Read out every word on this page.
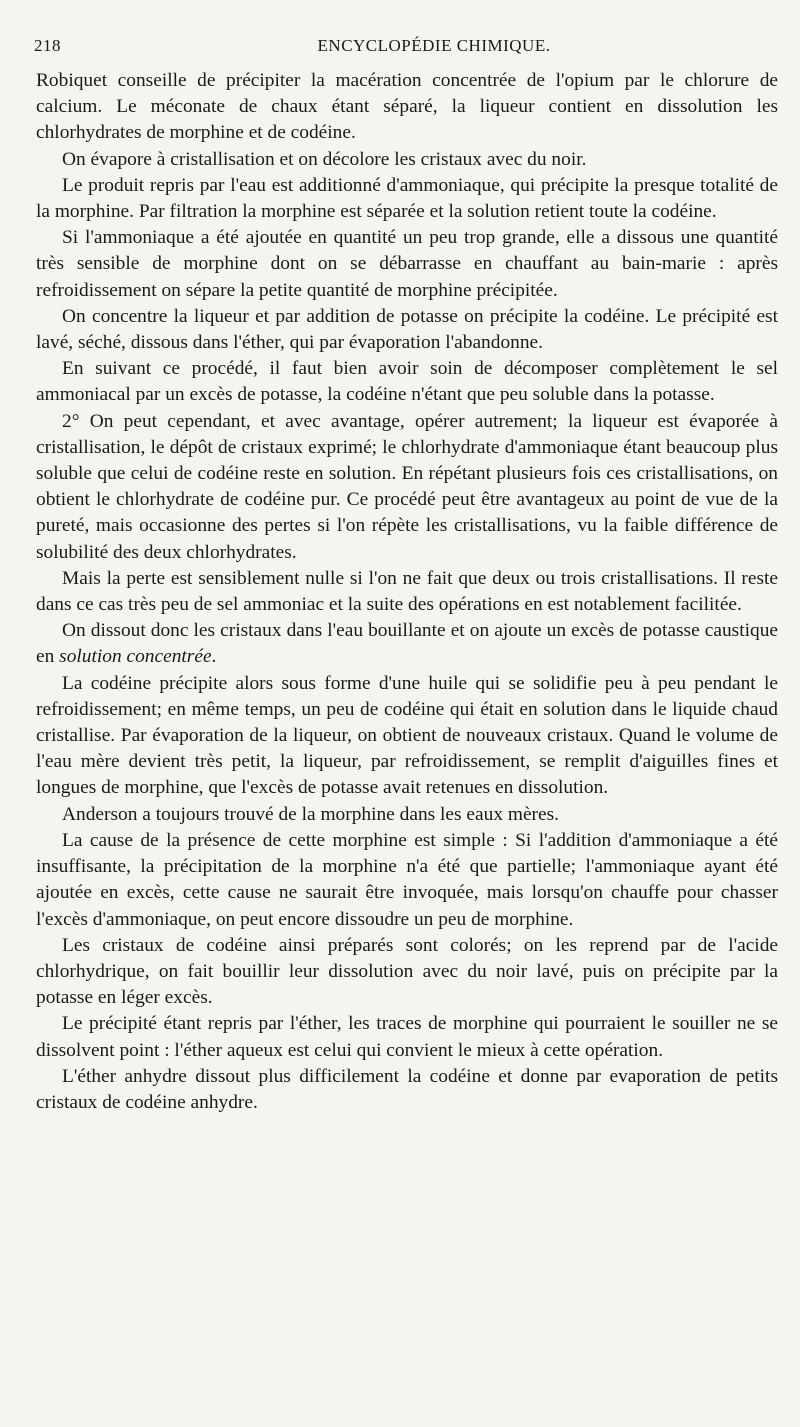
218	ENCYCLOPÉDIE CHIMIQUE.

Robiquet conseille de précipiter la macération concentrée de l'opium par le chlorure de calcium. Le méconate de chaux étant séparé, la liqueur contient en dissolution les chlorhydrates de morphine et de codéine.

On évapore à cristallisation et on décolore les cristaux avec du noir.

Le produit repris par l'eau est additionné d'ammoniaque, qui précipite la presque totalité de la morphine. Par filtration la morphine est séparée et la solution retient toute la codéine.

Si l'ammoniaque a été ajoutée en quantité un peu trop grande, elle a dissous une quantité très sensible de morphine dont on se débarrasse en chauffant au bain-marie : après refroidissement on sépare la petite quantité de morphine précipitée.

On concentre la liqueur et par addition de potasse on précipite la codéine. Le précipité est lavé, séché, dissous dans l'éther, qui par évaporation l'abandonne.

En suivant ce procédé, il faut bien avoir soin de décomposer complètement le sel ammoniacal par un excès de potasse, la codéine n'étant que peu soluble dans la potasse.

2° On peut cependant, et avec avantage, opérer autrement; la liqueur est évaporée à cristallisation, le dépôt de cristaux exprimé; le chlorhydrate d'ammoniaque étant beaucoup plus soluble que celui de codéine reste en solution. En répétant plusieurs fois ces cristallisations, on obtient le chlorhydrate de codéine pur. Ce procédé peut être avantageux au point de vue de la pureté, mais occasionne des pertes si l'on répète les cristallisations, vu la faible différence de solubilité des deux chlorhydrates.

Mais la perte est sensiblement nulle si l'on ne fait que deux ou trois cristallisations. Il reste dans ce cas très peu de sel ammoniac et la suite des opérations en est notablement facilitée.

On dissout donc les cristaux dans l'eau bouillante et on ajoute un excès de potasse caustique en solution concentrée.

La codéine précipite alors sous forme d'une huile qui se solidifie peu à peu pendant le refroidissement; en même temps, un peu de codéine qui était en solution dans le liquide chaud cristallise. Par évaporation de la liqueur, on obtient de nouveaux cristaux. Quand le volume de l'eau mère devient très petit, la liqueur, par refroidissement, se remplit d'aiguilles fines et longues de morphine, que l'excès de potasse avait retenues en dissolution.

Anderson a toujours trouvé de la morphine dans les eaux mères.

La cause de la présence de cette morphine est simple : Si l'addition d'ammoniaque a été insuffisante, la précipitation de la morphine n'a été que partielle; l'ammoniaque ayant été ajoutée en excès, cette cause ne saurait être invoquée, mais lorsqu'on chauffe pour chasser l'excès d'ammoniaque, on peut encore dissoudre un peu de morphine.

Les cristaux de codéine ainsi préparés sont colorés; on les reprend par de l'acide chlorhydrique, on fait bouillir leur dissolution avec du noir lavé, puis on précipite par la potasse en léger excès.

Le précipité étant repris par l'éther, les traces de morphine qui pourraient le souiller ne se dissolvent point : l'éther aqueux est celui qui convient le mieux à cette opération.

L'éther anhydre dissout plus difficilement la codéine et donne par evaporation de petits cristaux de codéine anhydre.
